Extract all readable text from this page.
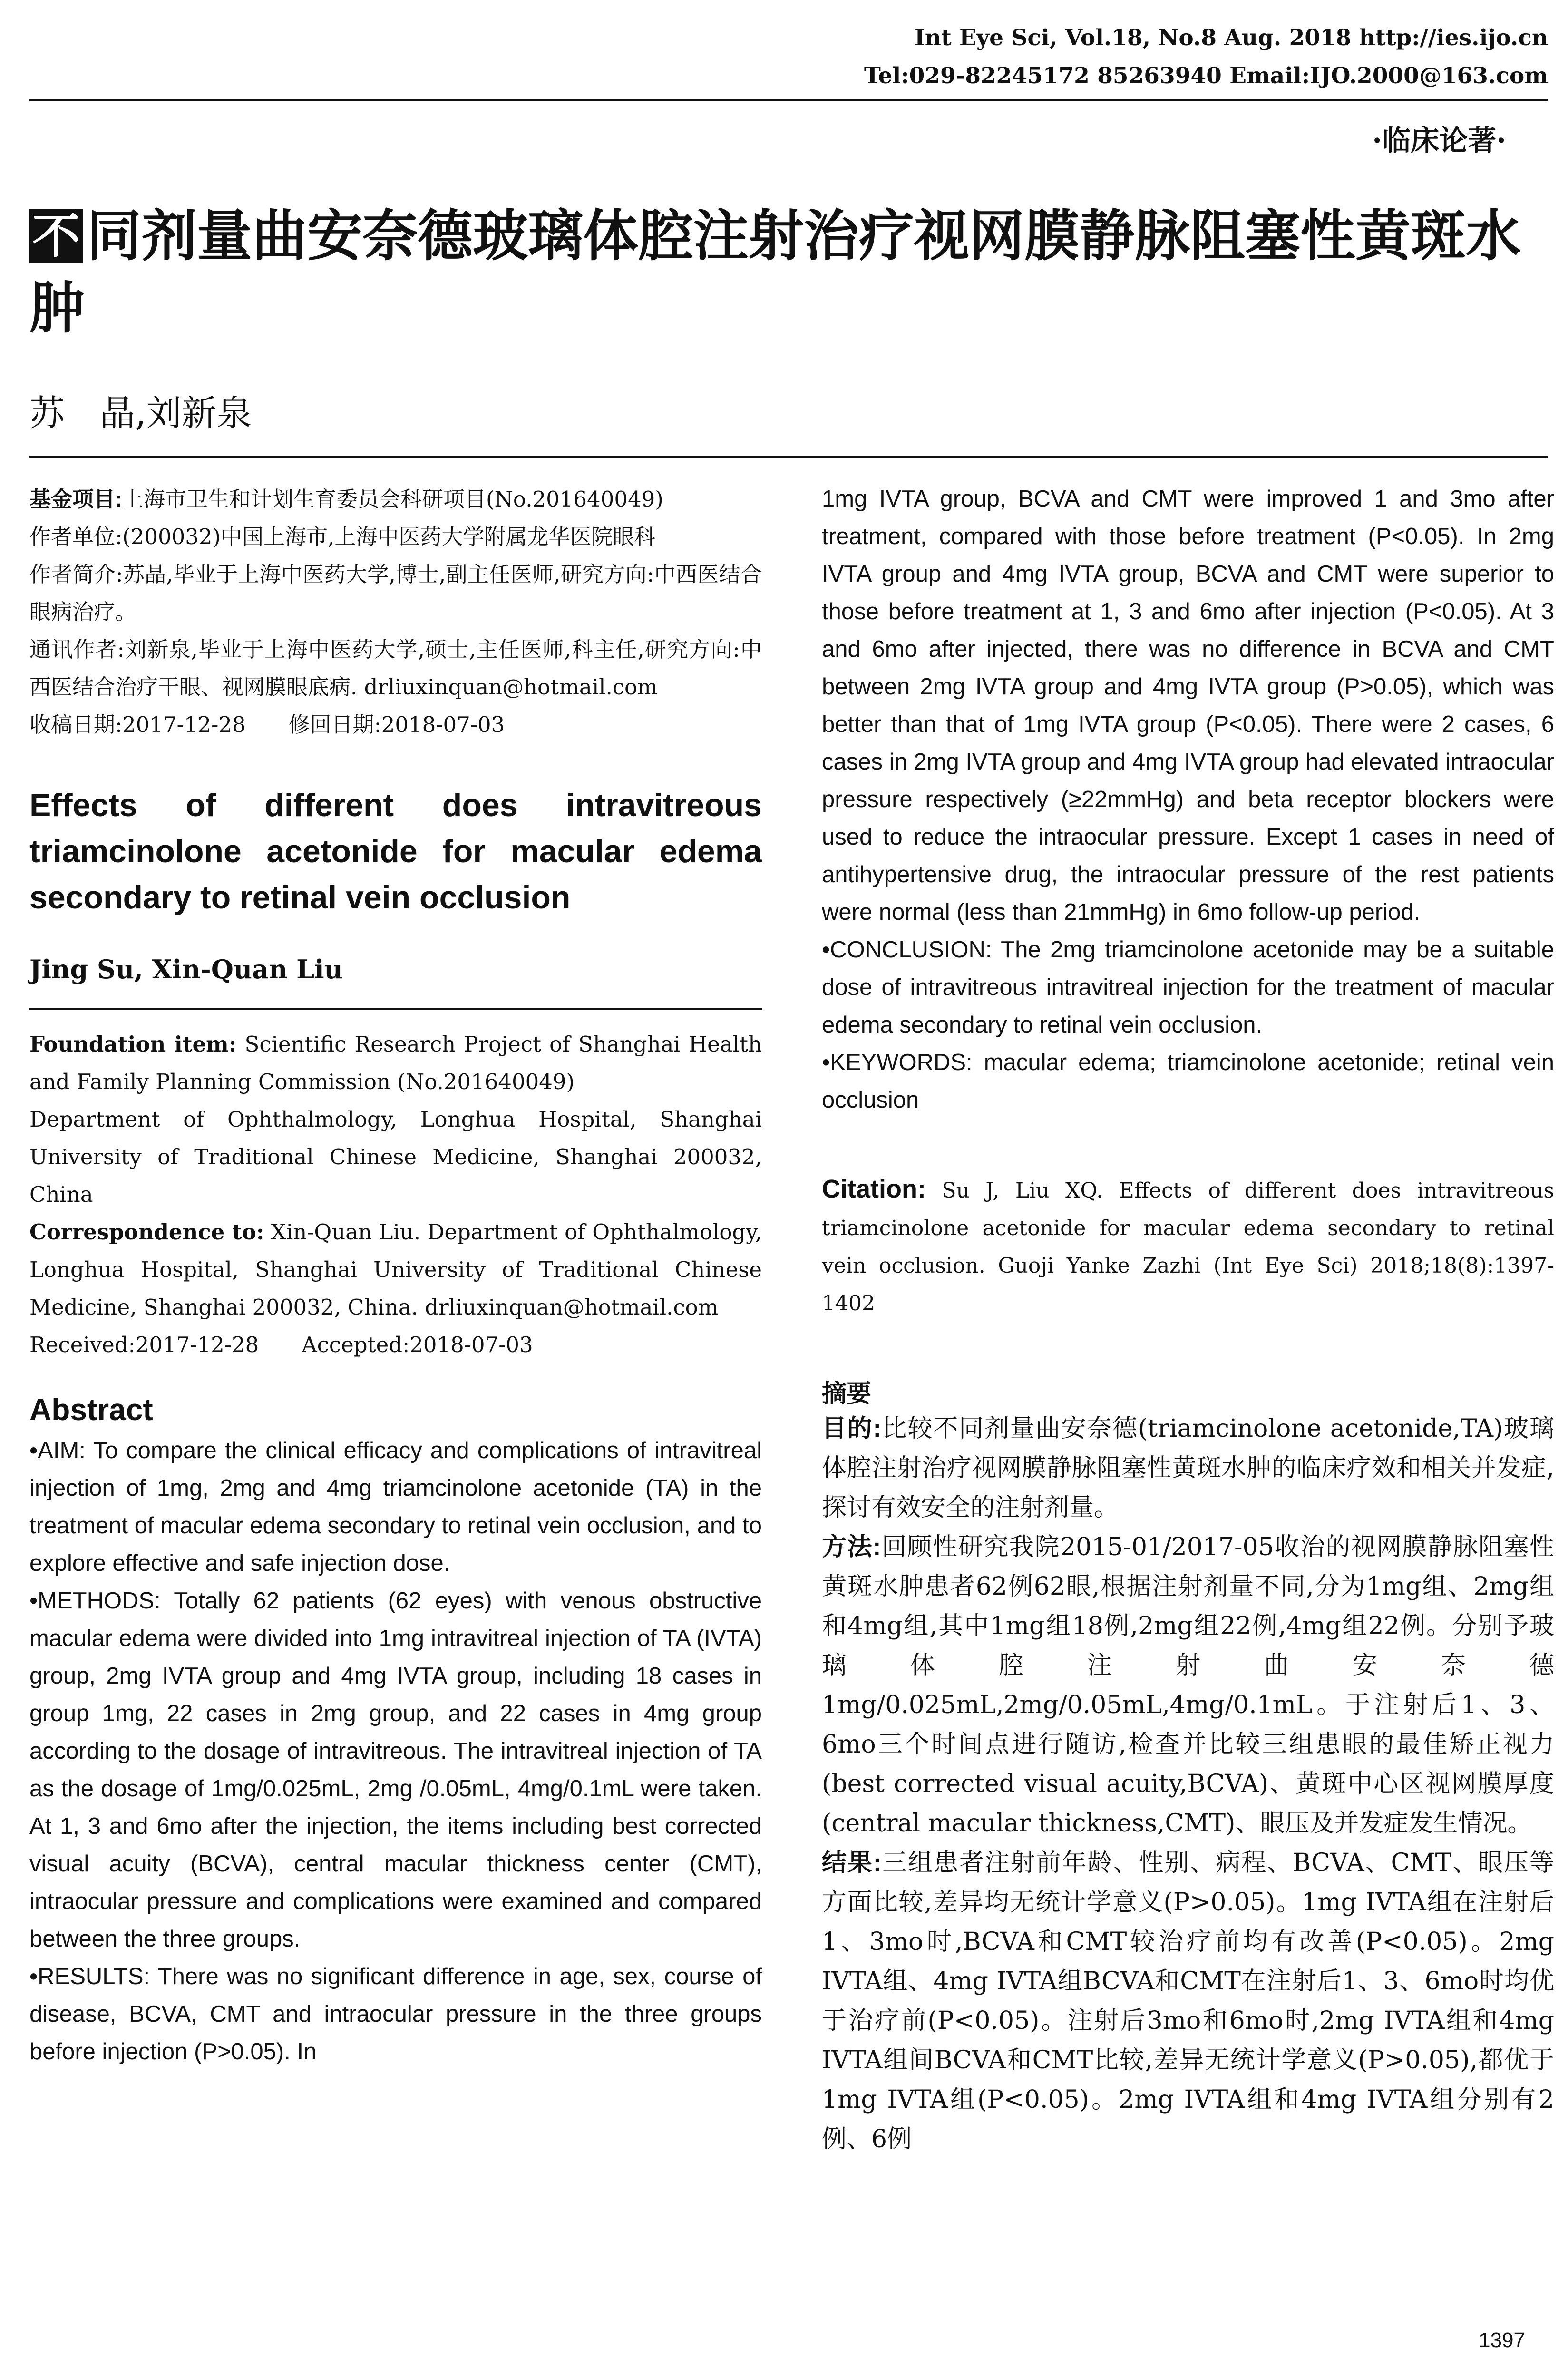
Int Eye Sci, Vol.18, No.8 Aug. 2018 http://ies.ijo.cn
Tel:029-82245172 85263940 Email:IJO.2000@163.com
·临床论著·
不 同剂量曲安奈德玻璃体腔注射治疗视网膜静脉阻塞性黄斑水肿
苏　晶,刘新泉

基金项目:上海市卫生和计划生育委员会科研项目(No.201640049)

作者单位:(200032)中国上海市,上海中医药大学附属龙华医院眼科

作者简介:苏晶,毕业于上海中医药大学,博士,副主任医师,研究方向:中西医结合眼病治疗。

通讯作者:刘新泉,毕业于上海中医药大学,硕士,主任医师,科主任,研究方向:中西医结合治疗干眼、视网膜眼底病. drliuxinquan@hotmail.com

收稿日期:2017-12-28　　修回日期:2018-07-03

Effects of different does intravitreous triamcinolone acetonide for macular edema secondary to retinal vein occlusion
Jing Su, Xin-Quan Liu

Foundation item: Scientific Research Project of Shanghai Health and Family Planning Commission (No.201640049)

Department of Ophthalmology, Longhua Hospital, Shanghai University of Traditional Chinese Medicine, Shanghai 200032, China

Correspondence to: Xin-Quan Liu. Department of Ophthalmology, Longhua Hospital, Shanghai University of Traditional Chinese Medicine, Shanghai 200032, China. drliuxinquan@hotmail.com

Received:2017-12-28　　Accepted:2018-07-03

Abstract

•AIM: To compare the clinical efficacy and complications of intravitreal injection of 1mg, 2mg and 4mg triamcinolone acetonide (TA) in the treatment of macular edema secondary to retinal vein occlusion, and to explore effective and safe injection dose.

•METHODS: Totally 62 patients (62 eyes) with venous obstructive macular edema were divided into 1mg intravitreal injection of TA (IVTA) group, 2mg IVTA group and 4mg IVTA group, including 18 cases in group 1mg, 22 cases in 2mg group, and 22 cases in 4mg group according to the dosage of intravitreous. The intravitreal injection of TA as the dosage of 1mg/0.025mL, 2mg /0.05mL, 4mg/0.1mL were taken. At 1, 3 and 6mo after the injection, the items including best corrected visual acuity (BCVA), central macular thickness center (CMT), intraocular pressure and complications were examined and compared between the three groups.

•RESULTS: There was no significant difference in age, sex, course of disease, BCVA, CMT and intraocular pressure in the three groups before injection (P>0.05). In

1mg IVTA group, BCVA and CMT were improved 1 and 3mo after treatment, compared with those before treatment (P<0.05). In 2mg IVTA group and 4mg IVTA group, BCVA and CMT were superior to those before treatment at 1, 3 and 6mo after injection (P<0.05). At 3 and 6mo after injected, there was no difference in BCVA and CMT between 2mg IVTA group and 4mg IVTA group (P>0.05), which was better than that of 1mg IVTA group (P<0.05). There were 2 cases, 6 cases in 2mg IVTA group and 4mg IVTA group had elevated intraocular pressure respectively (≥22mmHg) and beta receptor blockers were used to reduce the intraocular pressure. Except 1 cases in need of antihypertensive drug, the intraocular pressure of the rest patients were normal (less than 21mmHg) in 6mo follow-up period.

•CONCLUSION: The 2mg triamcinolone acetonide may be a suitable dose of intravitreous intravitreal injection for the treatment of macular edema secondary to retinal vein occlusion.

•KEYWORDS: macular edema; triamcinolone acetonide; retinal vein occlusion

Citation: Su J, Liu XQ. Effects of different does intravitreous triamcinolone acetonide for macular edema secondary to retinal vein occlusion. Guoji Yanke Zazhi (Int Eye Sci) 2018;18(8):1397-1402

摘要

目的:比较不同剂量曲安奈德(triamcinolone acetonide,TA)玻璃体腔注射治疗视网膜静脉阻塞性黄斑水肿的临床疗效和相关并发症,探讨有效安全的注射剂量。

方法:回顾性研究我院2015-01/2017-05收治的视网膜静脉阻塞性黄斑水肿患者62例62眼,根据注射剂量不同,分为1mg组、2mg组和4mg组,其中1mg组18例,2mg组22例,4mg组22例。分别予玻璃体腔注射曲安奈德1mg/0.025mL,2mg/0.05mL,4mg/0.1mL。于注射后1、3、6mo三个时间点进行随访,检查并比较三组患眼的最佳矫正视力(best corrected visual acuity,BCVA)、黄斑中心区视网膜厚度(central macular thickness,CMT)、眼压及并发症发生情况。

结果:三组患者注射前年龄、性别、病程、BCVA、CMT、眼压等方面比较,差异均无统计学意义(P>0.05)。1mg IVTA组在注射后1、3mo时,BCVA和CMT较治疗前均有改善(P<0.05)。2mg IVTA组、4mg IVTA组BCVA和CMT在注射后1、3、6mo时均优于治疗前(P<0.05)。注射后3mo和6mo时,2mg IVTA组和4mg IVTA组间BCVA和CMT比较,差异无统计学意义(P>0.05),都优于1mg IVTA组(P<0.05)。2mg IVTA组和4mg IVTA组分别有2例、6例

1397
